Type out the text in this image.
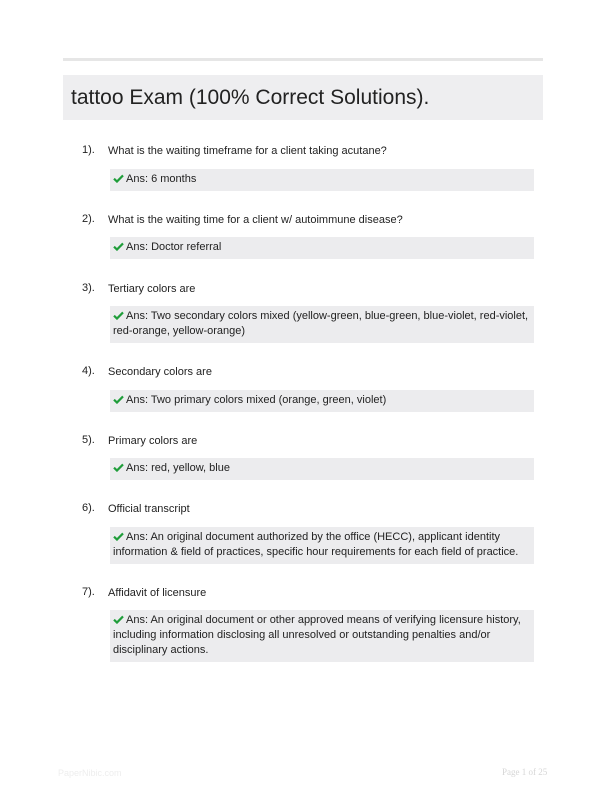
tattoo Exam (100% Correct Solutions).
1). What is the waiting timeframe for a client taking acutane?
Ans: 6 months
2). What is the waiting time for a client w/ autoimmune disease?
Ans: Doctor referral
3). Tertiary colors are
Ans: Two secondary colors mixed (yellow-green, blue-green, blue-violet, red-violet, red-orange, yellow-orange)
4). Secondary colors are
Ans: Two primary colors mixed (orange, green, violet)
5). Primary colors are
Ans: red, yellow, blue
6). Official transcript
Ans: An original document authorized by the office (HECC), applicant identity information & field of practices, specific hour requirements for each field of practice.
7). Affidavit of licensure
Ans: An original document or other approved means of verifying licensure history, including information disclosing all unresolved or outstanding penalties and/or disciplinary actions.
PaperNibic.com	Page 1 of 25
